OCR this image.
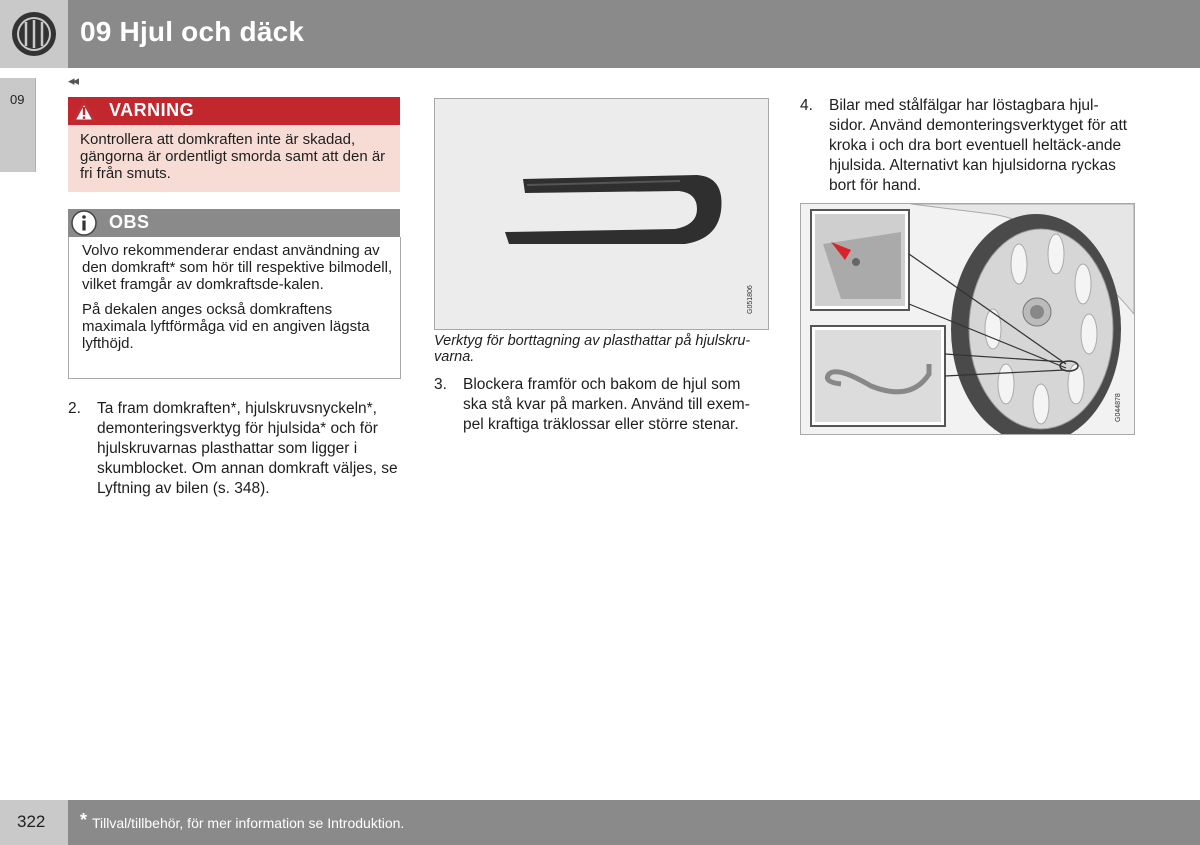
09 Hjul och däck
09
◂◂
VARNING
Kontrollera att domkraften inte är skadad, gängorna är ordentligt smorda samt att den är fri från smuts.
OBS

Volvo rekommenderar endast användning av den domkraft* som hör till respektive bilmodell, vilket framgår av domkraftsde-kalen.

På dekalen anges också domkraftens maximala lyftförmåga vid en angiven lägsta lyfthöjd.

2. Ta fram domkraften*, hjulskruvsnyckeln*, demonteringsverktyg för hjulsida* och för hjulskruvarnas plasthattar som ligger i skumblocket. Om annan domkraft väljes, se Lyftning av bilen (s. 348).
G051806
Verktyg för borttagning av plasthattar på hjulskru-varna.
3. Blockera framför och bakom de hjul som ska stå kvar på marken. Använd till exem-pel kraftiga träklossar eller större stenar.
4. Bilar med stålfälgar har löstagbara hjul-sidor. Använd demonteringsverktyget för att kroka i och dra bort eventuell heltäck-ande hjulsida. Alternativt kan hjulsidorna ryckas bort för hand.
G044878
322 * Tillval/tillbehör, för mer information se Introduktion.
